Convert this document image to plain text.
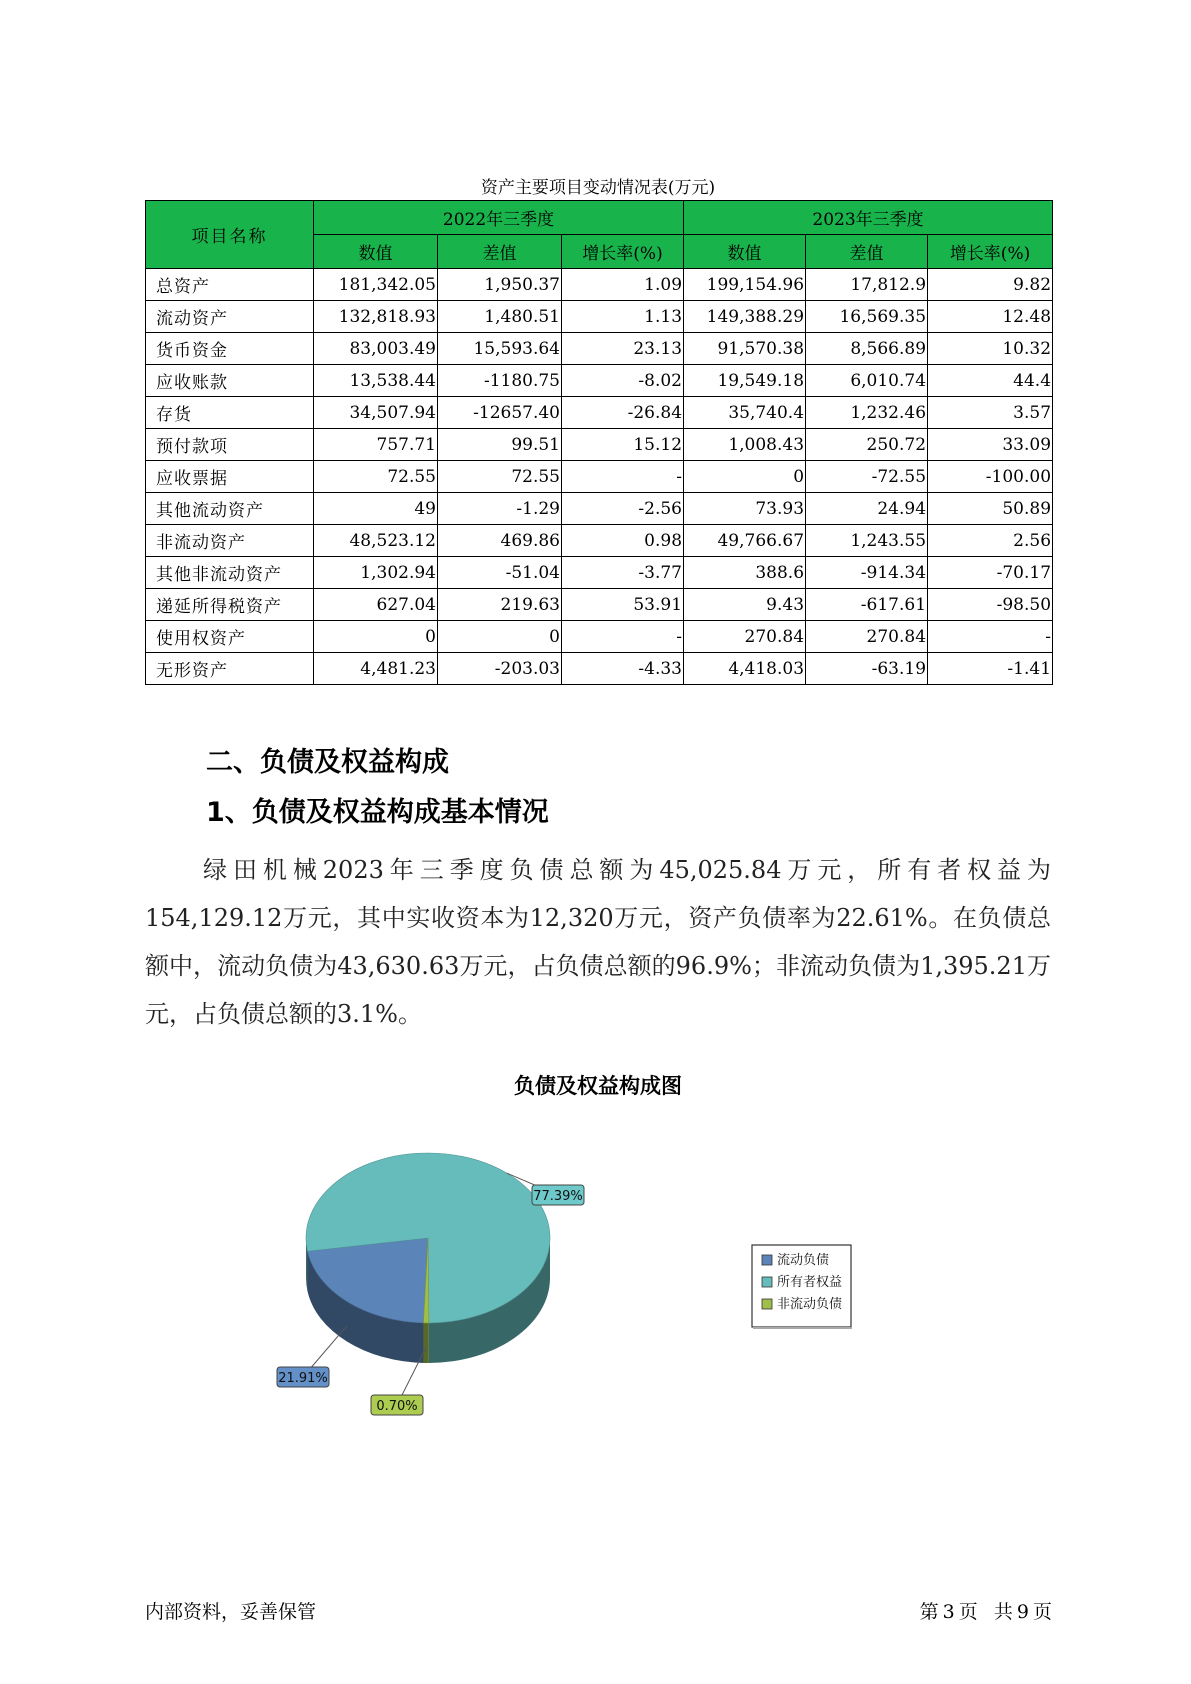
资产主要项目变动情况表(万元)
项目名称	2022年三季度			2023年三季度		
	数值	差值	增长率(%)	数值	差值	增长率(%)
总资产	181,342.05	1,950.37	1.09	199,154.96	17,812.9	9.82
流动资产	132,818.93	1,480.51	1.13	149,388.29	16,569.35	12.48
货币资金	83,003.49	15,593.64	23.13	91,570.38	8,566.89	10.32
应收账款	13,538.44	-1180.75	-8.02	19,549.18	6,010.74	44.4
存货	34,507.94	-12657.40	-26.84	35,740.4	1,232.46	3.57
预付款项	757.71	99.51	15.12	1,008.43	250.72	33.09
应收票据	72.55	72.55	-	0	-72.55	-100.00
其他流动资产	49	-1.29	-2.56	73.93	24.94	50.89
非流动资产	48,523.12	469.86	0.98	49,766.67	1,243.55	2.56
其他非流动资产	1,302.94	-51.04	-3.77	388.6	-914.34	-70.17
递延所得税资产	627.04	219.63	53.91	9.43	-617.61	-98.50
使用权资产	0	0	-	270.84	270.84	-
无形资产	4,481.23	-203.03	-4.33	4,418.03	-63.19	-1.41
二、负债及权益构成
1、负债及权益构成基本情况
绿田机械2023年三季度负债总额为45,025.84万元，所有者权益为154,129.12万元，其中实收资本为12,320万元，资产负债率为22.61%。在负债总额中，流动负债为43,630.63万元，占负债总额的96.9%；非流动负债为1,395.21万元，占负债总额的3.1%。
负债及权益构成图
21.91%
77.39%
0.70%
流动负债
所有者权益
非流动负债
内部资料，妥善保管	第 3 页 共 9 页
